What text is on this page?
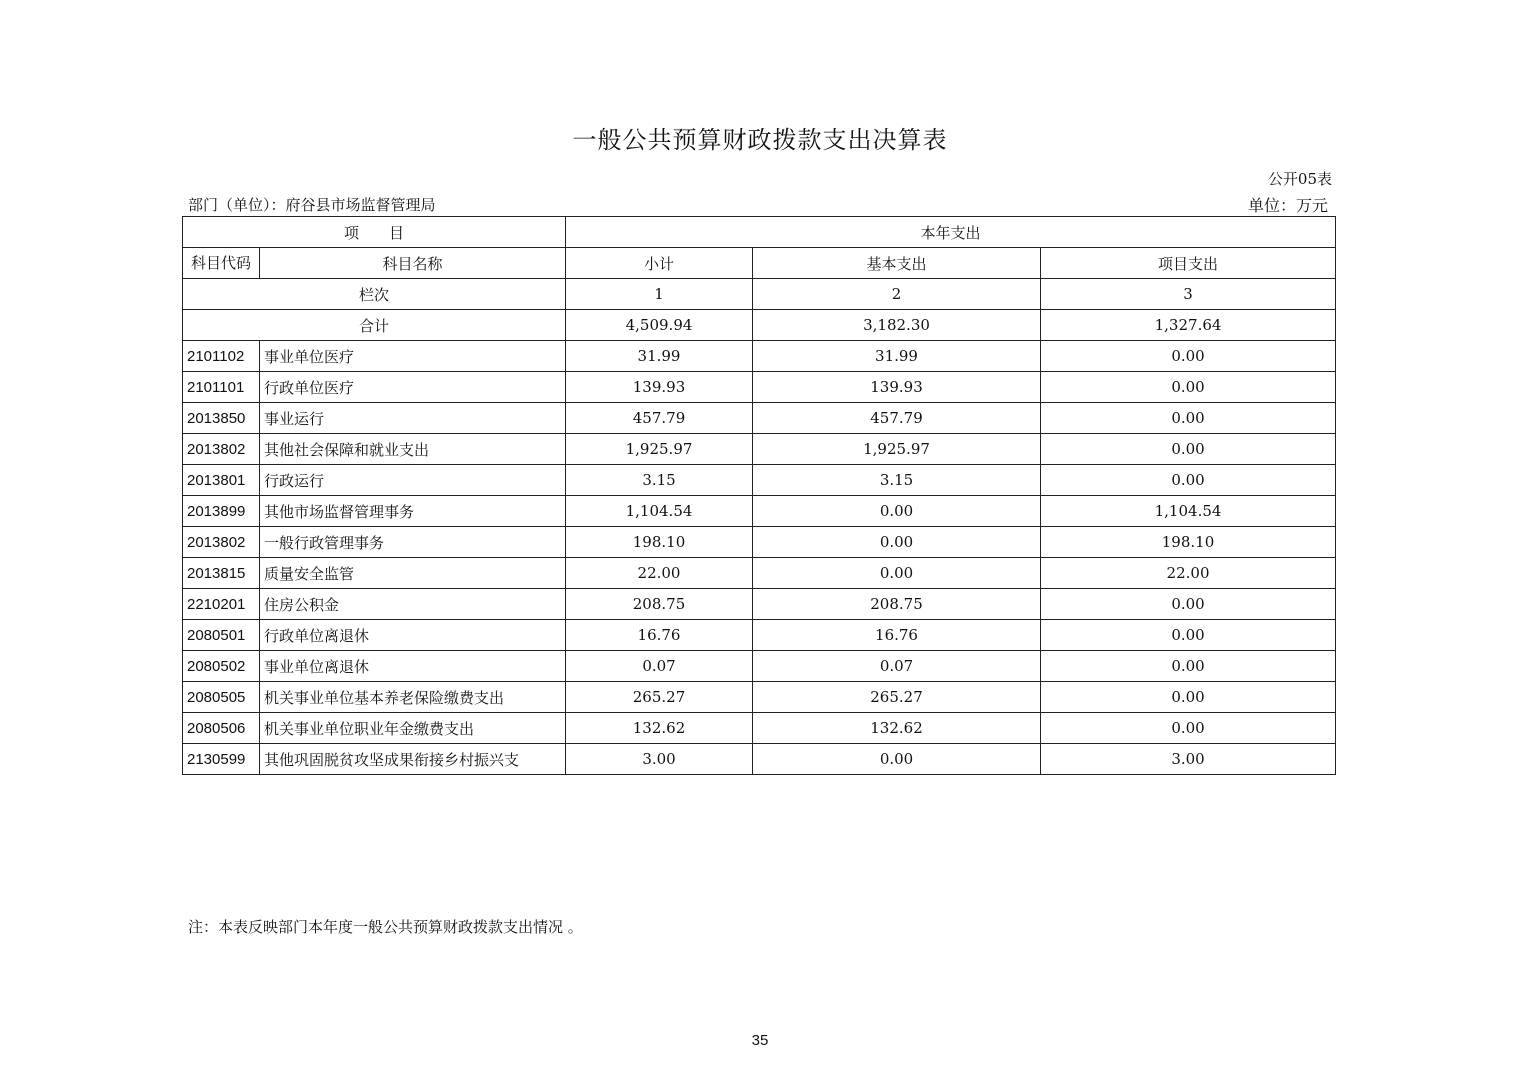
一般公共预算财政拨款支出决算表
公开05表
部门（单位）：府谷县市场监督管理局	单位：万元
项　　目		本年支出		
科目代码	科目名称	小计	基本支出	项目支出
栏次		1	2	3
合计		4,509.94	3,182.30	1,327.64
2101102	事业单位医疗	31.99	31.99	0.00
2101101	行政单位医疗	139.93	139.93	0.00
2013850	事业运行	457.79	457.79	0.00
2013802	其他社会保障和就业支出	1,925.97	1,925.97	0.00
2013801	行政运行	3.15	3.15	0.00
2013899	其他市场监督管理事务	1,104.54	0.00	1,104.54
2013802	一般行政管理事务	198.10	0.00	198.10
2013815	质量安全监管	22.00	0.00	22.00
2210201	住房公积金	208.75	208.75	0.00
2080501	行政单位离退休	16.76	16.76	0.00
2080502	事业单位离退休	0.07	0.07	0.00
2080505	机关事业单位基本养老保险缴费支出	265.27	265.27	0.00
2080506	机关事业单位职业年金缴费支出	132.62	132.62	0.00
2130599	其他巩固脱贫攻坚成果衔接乡村振兴支	3.00	0.00	3.00
注：本表反映部门本年度一般公共预算财政拨款支出情况 。
35
